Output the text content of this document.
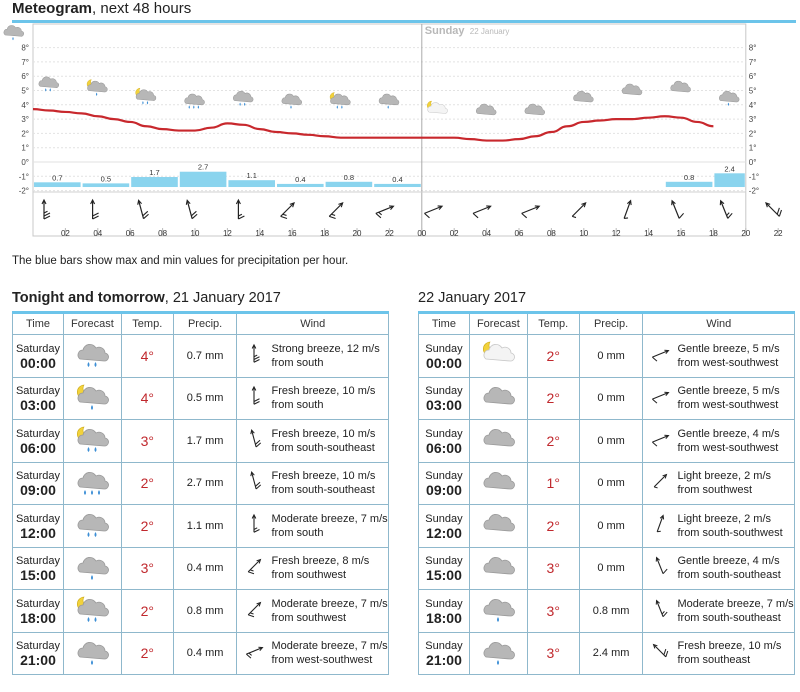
Meteogram, next 48 hours
8°	8°
7°	7°
6°	6°
5°	5°
4°	4°
3°	3°
2°	2°
1°	1°
0°	0°
-1°	-1°
-2°	-2°
Sunday 22 January
0.7	0.5
1.7
2.7
1.1	0.4	0.8	0.4	0.8
2.4
02	04	06	08	10	12	14	16	18	20	22	00	02	04	06	08	10	12	14	16	18	20	22
The blue bars show max and min values for precipitation per hour.
Tonight and tomorrow, 21 January 2017	22 January 2017
Time	Forecast	Temp.	Precip.	Wind

Saturday
00:00		4°	0.7 mm	Strong breeze, 12 m/s
from south

Saturday
03:00		4°	0.5 mm	Fresh breeze, 10 m/s
from south

Saturday
06:00		3°	1.7 mm	Fresh breeze, 10 m/s
from south-southeast

Saturday
09:00		2°	2.7 mm	Fresh breeze, 10 m/s
from south-southeast

Saturday
12:00		2°	1.1 mm	Moderate breeze, 7 m/s
from south

Saturday
15:00		3°	0.4 mm	Fresh breeze, 8 m/s
from southwest

Saturday
18:00		2°	0.8 mm	Moderate breeze, 7 m/s
from southwest

Saturday
21:00		2°	0.4 mm	Moderate breeze, 7 m/s
from west-southwest
Time	Forecast	Temp.	Precip.	Wind

Sunday
00:00		2°	0 mm	Gentle breeze, 5 m/s
from west-southwest

Sunday
03:00		2°	0 mm	Gentle breeze, 5 m/s
from west-southwest

Sunday
06:00		2°	0 mm	Gentle breeze, 4 m/s
from west-southwest

Sunday
09:00		1°	0 mm	Light breeze, 2 m/s
from southwest

Sunday
12:00		2°	0 mm	Light breeze, 2 m/s
from south-southwest

Sunday
15:00		3°	0 mm	Gentle breeze, 4 m/s
from south-southeast

Sunday
18:00		3°	0.8 mm	Moderate breeze, 7 m/s
from south-southeast

Sunday
21:00		3°	2.4 mm	Fresh breeze, 10 m/s
from southeast
